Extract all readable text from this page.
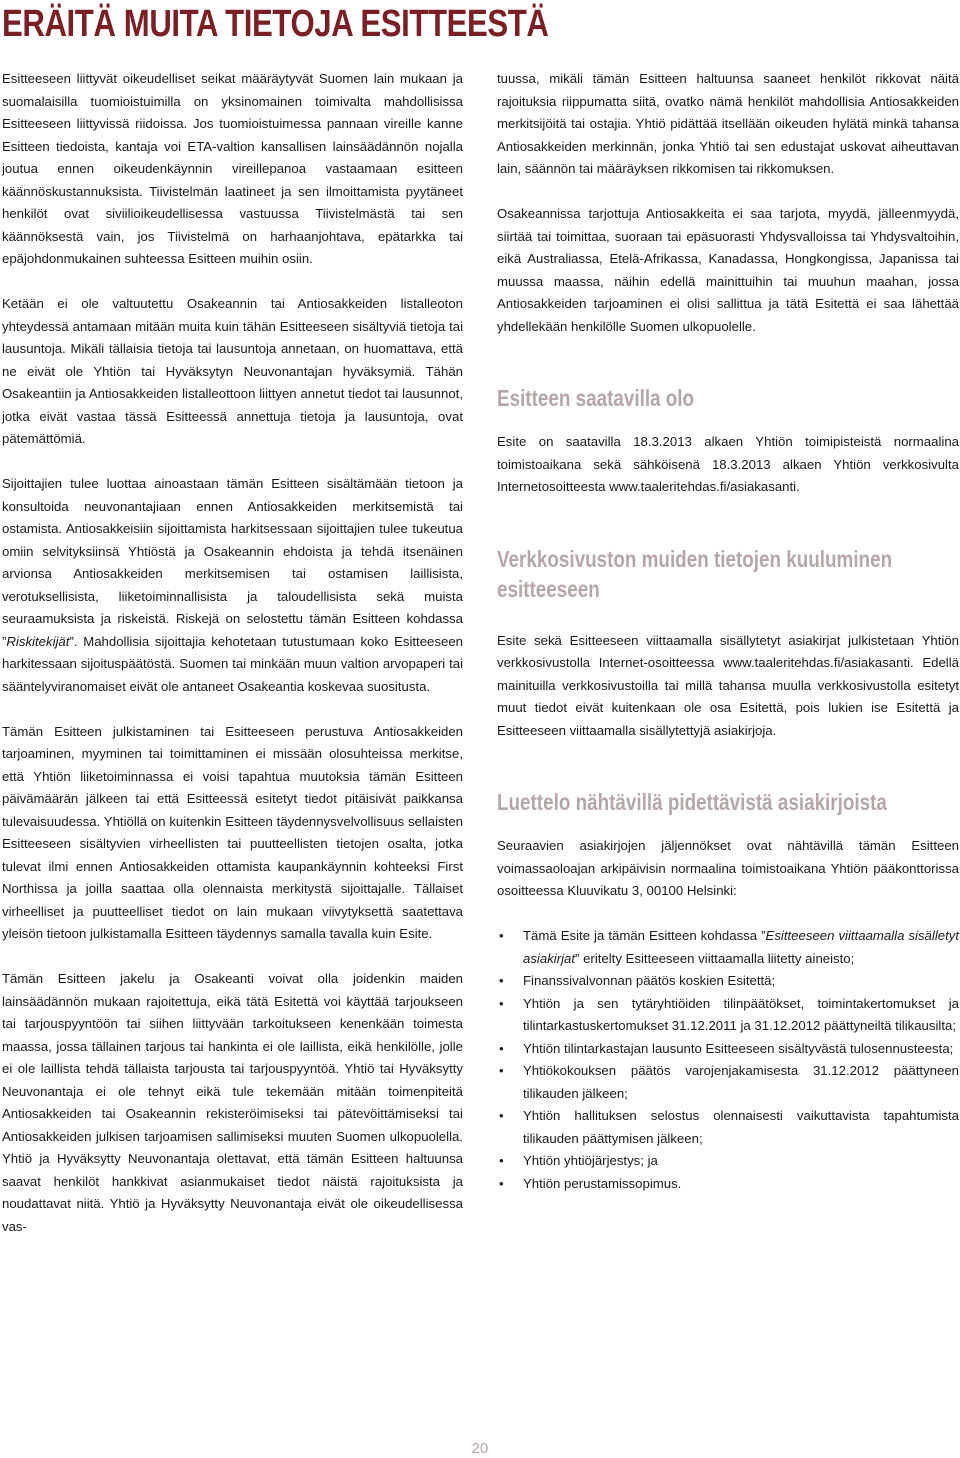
ERÄITÄ MUITA TIETOJA ESITTEESTÄ

Esitteeseen liittyvät oikeudelliset seikat määräytyvät Suomen lain mukaan ja suomalaisilla tuomioistuimilla on yksinomainen toimivalta mahdollisissa Esitteeseen liittyvissä riidoissa. Jos tuomioistuimessa pannaan vireille kanne Esitteen tiedoista, kantaja voi ETA-valtion kansallisen lainsäädännön nojalla joutua ennen oikeudenkäynnin vireillepanoa vastaamaan esitteen käännöskustannuksista. Tiivistelmän laatineet ja sen ilmoittamista pyytäneet henkilöt ovat siviilioikeudellisessa vastuussa Tiivistelmästä tai sen käännöksestä vain, jos Tiivistelmä on harhaanjohtava, epätarkka tai epäjohdonmukainen suhteessa Esitteen muihin osiin.

Ketään ei ole valtuutettu Osakeannin tai Antiosakkeiden listalleoton yhteydessä antamaan mitään muita kuin tähän Esitteeseen sisältyviä tietoja tai lausuntoja. Mikäli tällaisia tietoja tai lausuntoja annetaan, on huomattava, että ne eivät ole Yhtiön tai Hyväksytyn Neuvonantajan hyväksymiä. Tähän Osakeantiin ja Antiosakkeiden listalleottoon liittyen annetut tiedot tai lausunnot, jotka eivät vastaa tässä Esitteessä annettuja tietoja ja lausuntoja, ovat pätemättömiä.

Sijoittajien tulee luottaa ainoastaan tämän Esitteen sisältämään tietoon ja konsultoida neuvonantajiaan ennen Antiosakkeiden merkitsemistä tai ostamista. Antiosakkeisiin sijoittamista harkitsessaan sijoittajien tulee tukeutua omiin selvityksiinsä Yhtiöstä ja Osakeannin ehdoista ja tehdä itsenäinen arvionsa Antiosakkeiden merkitsemisen tai ostamisen laillisista, verotuksellisista, liiketoiminnallisista ja taloudellisista sekä muista seuraamuksista ja riskeistä. Riskejä on selostettu tämän Esitteen kohdassa ”Riskitekijät”. Mahdollisia sijoittajia kehotetaan tutustumaan koko Esitteeseen harkitessaan sijoituspäätöstä. Suomen tai minkään muun valtion arvopaperi tai sääntelyviranomaiset eivät ole antaneet Osakeantia koskevaa suositusta.

Tämän Esitteen julkistaminen tai Esitteeseen perustuva Antiosakkeiden tarjoaminen, myyminen tai toimittaminen ei missään olosuhteissa merkitse, että Yhtiön liiketoiminnassa ei voisi tapahtua muutoksia tämän Esitteen päivämäärän jälkeen tai että Esitteessä esitetyt tiedot pitäisivät paikkansa tulevaisuudessa. Yhtiöllä on kuitenkin Esitteen täydennysvelvollisuus sellaisten Esitteeseen sisältyvien virheellisten tai puutteellisten tietojen osalta, jotka tulevat ilmi ennen Antiosakkeiden ottamista kaupankäynnin kohteeksi First Northissa ja joilla saattaa olla olennaista merkitystä sijoittajalle. Tällaiset virheelliset ja puutteelliset tiedot on lain mukaan viivytyksettä saatettava yleisön tietoon julkistamalla Esitteen täydennys samalla tavalla kuin Esite.

Tämän Esitteen jakelu ja Osakeanti voivat olla joidenkin maiden lainsäädännön mukaan rajoitettuja, eikä tätä Esitettä voi käyttää tarjoukseen tai tarjouspyyntöön tai siihen liittyvään tarkoitukseen kenenkään toimesta maassa, jossa tällainen tarjous tai hankinta ei ole laillista, eikä henkilölle, jolle ei ole laillista tehdä tällaista tarjousta tai tarjouspyyntöä. Yhtiö tai Hyväksytty Neuvonantaja ei ole tehnyt eikä tule tekemään mitään toimenpiteitä Antiosakkeiden tai Osakeannin rekisteröimiseksi tai pätevöittämiseksi tai Antiosakkeiden julkisen tarjoamisen sallimiseksi muuten Suomen ulkopuolella. Yhtiö ja Hyväksytty Neuvonantaja olettavat, että tämän Esitteen haltuunsa saavat henkilöt hankkivat asianmukaiset tiedot näistä rajoituksista ja noudattavat niitä. Yhtiö ja Hyväksytty Neuvonantaja eivät ole oikeudellisessa vas-

tuussa, mikäli tämän Esitteen haltuunsa saaneet henkilöt rikkovat näitä rajoituksia riippumatta siitä, ovatko nämä henkilöt mahdollisia Antiosakkeiden merkitsijöitä tai ostajia. Yhtiö pidättää itsellään oikeuden hylätä minkä tahansa Antiosakkeiden merkinnän, jonka Yhtiö tai sen edustajat uskovat aiheuttavan lain, säännön tai määräyksen rikkomisen tai rikkomuksen.

Osakeannissa tarjottuja Antiosakkeita ei saa tarjota, myydä, jälleenmyydä, siirtää tai toimittaa, suoraan tai epäsuorasti Yhdysvalloissa tai Yhdysvaltoihin, eikä Australiassa, Etelä-Afrikassa, Kanadassa, Hongkongissa, Japanissa tai muussa maassa, näihin edellä mainittuihin tai muuhun maahan, jossa Antiosakkeiden tarjoaminen ei olisi sallittua ja tätä Esitettä ei saa lähettää yhdellekään henkilölle Suomen ulkopuolelle.

Esitteen saatavilla olo

Esite on saatavilla 18.3.2013 alkaen Yhtiön toimipisteistä normaalina toimistoaikana sekä sähköisenä 18.3.2013 alkaen Yhtiön verkkosivulta Internetosoitteesta www.taaleritehdas.fi/asiakasanti.

Verkkosivuston muiden tietojen kuuluminen esitteeseen

Esite sekä Esitteeseen viittaamalla sisällytetyt asiakirjat julkistetaan Yhtiön verkkosivustolla Internet-osoitteessa www.taaleritehdas.fi/asiakasanti. Edellä mainituilla verkkosivustoilla tai millä tahansa muulla verkkosivustolla esitetyt muut tiedot eivät kuitenkaan ole osa Esitettä, pois lukien ise Esitettä ja Esitteeseen viittaamalla sisällytettyjä asiakirjoja.

Luettelo nähtävillä pidettävistä asiakirjoista

Seuraavien asiakirjojen jäljennökset ovat nähtävillä tämän Esitteen voimassaoloajan arkipäivisin normaalina toimistoaikana Yhtiön pääkonttorissa osoitteessa Kluuvikatu 3, 00100 Helsinki:

• Tämä Esite ja tämän Esitteen kohdassa ”Esitteeseen viittaamalla sisälletyt asiakirjat” eritelty Esitteeseen viittaamalla liitetty aineisto;
• Finanssivalvonnan päätös koskien Esitettä;
• Yhtiön ja sen tytäryhtiöiden tilinpäätökset, toimintakertomukset ja tilintarkastuskertomukset 31.12.2011 ja 31.12.2012 päättyneiltä tilikausilta;
• Yhtiön tilintarkastajan lausunto Esitteeseen sisältyvästä tulosennusteesta;
• Yhtiökokouksen päätös varojenjakamisesta 31.12.2012 päättyneen tilikauden jälkeen;
• Yhtiön hallituksen selostus olennaisesti vaikuttavista tapahtumista tilikauden päättymisen jälkeen;
• Yhtiön yhtiöjärjestys; ja
• Yhtiön perustamissopimus.
20
